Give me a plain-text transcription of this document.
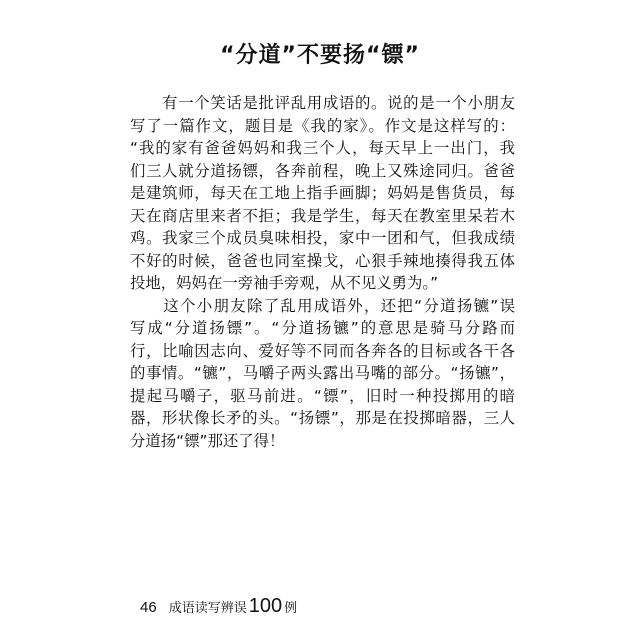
“分道”不要扬“镖”
　　有一个笑话是批评乱用成语的。说的是一个小朋友
写了一篇作文，题目是《我的家》。作文是这样写的：
“我的家有爸爸妈妈和我三个人，每天早上一出门，我
们三人就分道扬镖，各奔前程，晚上又殊途同归。爸爸
是建筑师，每天在工地上指手画脚；妈妈是售货员，每
天在商店里来者不拒；我是学生，每天在教室里呆若木
鸡。我家三个成员臭味相投，家中一团和气，但我成绩
不好的时候，爸爸也同室操戈，心狠手辣地揍得我五体
投地，妈妈在一旁袖手旁观，从不见义勇为。”
　　这个小朋友除了乱用成语外，还把“分道扬镳”误
写成“分道扬镖”。“分道扬镳”的意思是骑马分路而
行，比喻因志向、爱好等不同而各奔各的目标或各干各
的事情。“镳”，马嚼子两头露出马嘴的部分。“扬镳”，
提起马嚼子，驱马前进。“镖”，旧时一种投掷用的暗
器，形状像长矛的头。“扬镖”，那是在投掷暗器，三人
分道扬“镖”那还了得！
46 成语读写辨误 100 例
